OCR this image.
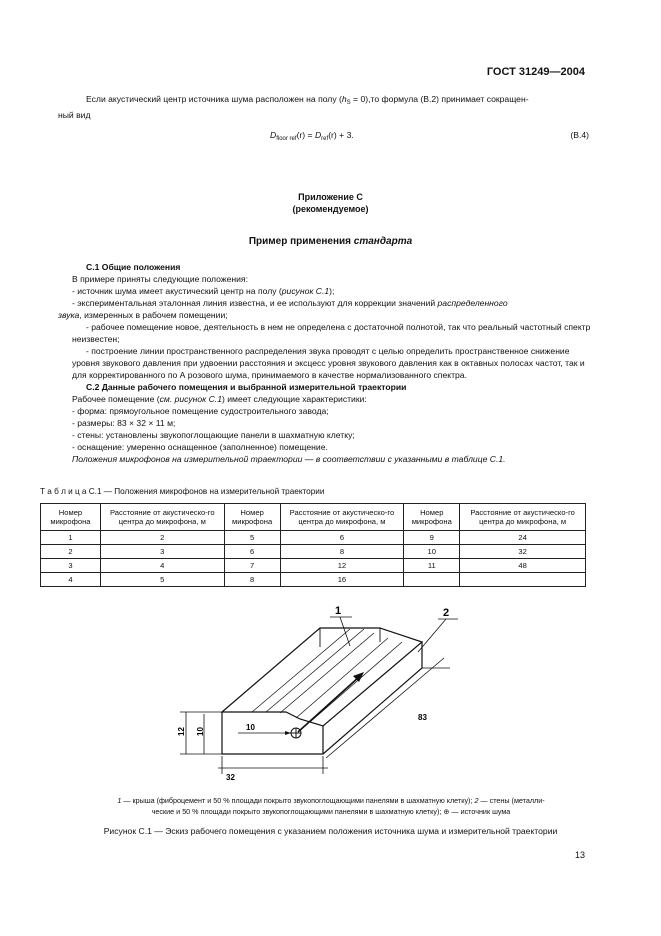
ГОСТ 31249—2004

Если акустический центр источника шума расположен на полу $(h_S = 0),то$ формула (В.2) принимает сокращен-
ный вид

$D_{floor ref}(r) = D_{ref}(r) + 3$.	(В.4)
Приложение С
(рекомендуемое)
Пример применения стандарта

С.1 Общие положения
В примере приняты следующие положения:
- источник шума имеет акустический центр на полу (рисунок С.1);
- экспериментальная эталонная линия известна, и ее используют для коррекции значений распределенного
звука, измеренных в рабочем помещении;

- рабочее помещение новое, деятельность в нем не определена с достаточной полнотой, так что реальный частотный спектр неизвестен;

- построение линии пространственного распределения звука проводят с целью определить пространственное снижение уровня звукового давления при удвоении расстояния и эксцесс уровня звукового давления как в октавных полосах частот, так и для корректированного по А розового шума, принимаемого в качестве нормализованного спектра.

С.2 Данные рабочего помещения и выбранной измерительной траектории
Рабочее помещение (см. рисунок С.1) имеет следующие характеристики:
- форма: прямоугольное помещение судостроительного завода;
- размеры: 83 × 32 × 11 м;
- стены: установлены звукопоглощающие панели в шахматную клетку;
- оснащение: умеренно оснащенное (заполненное) помещение.
Положения микрофонов на измерительной траектории — в соответствии с указанными в таблице С.1.

Т а б л и ц а С.1 — Положения микрофонов на измерительной траектории
Номер микрофона	Расстояние от акустическо-го центра до микрофона, м	Номер микрофона	Расстояние от акустическо-го центра до микрофона, м	Номер микрофона	Расстояние от акустическо-го центра до микрофона, м
1	2	5	6	9	24
2	3	6	8	10	32
3	4	7	12	11	48
4	5	8	16		
10
12 10
32
83
1	2
1 — крыша (фиброцемент и 50 % площади покрыто звукопоглощающими панелями в шахматную клетку); 2 — стены (металли-
ческие и 50 % площади покрыто звукопоглощающими панелями в шахматную клетку); ⊕ — источник шума
Рисунок С.1 — Эскиз рабочего помещения с указанием положения источника шума и измерительной траектории
13
